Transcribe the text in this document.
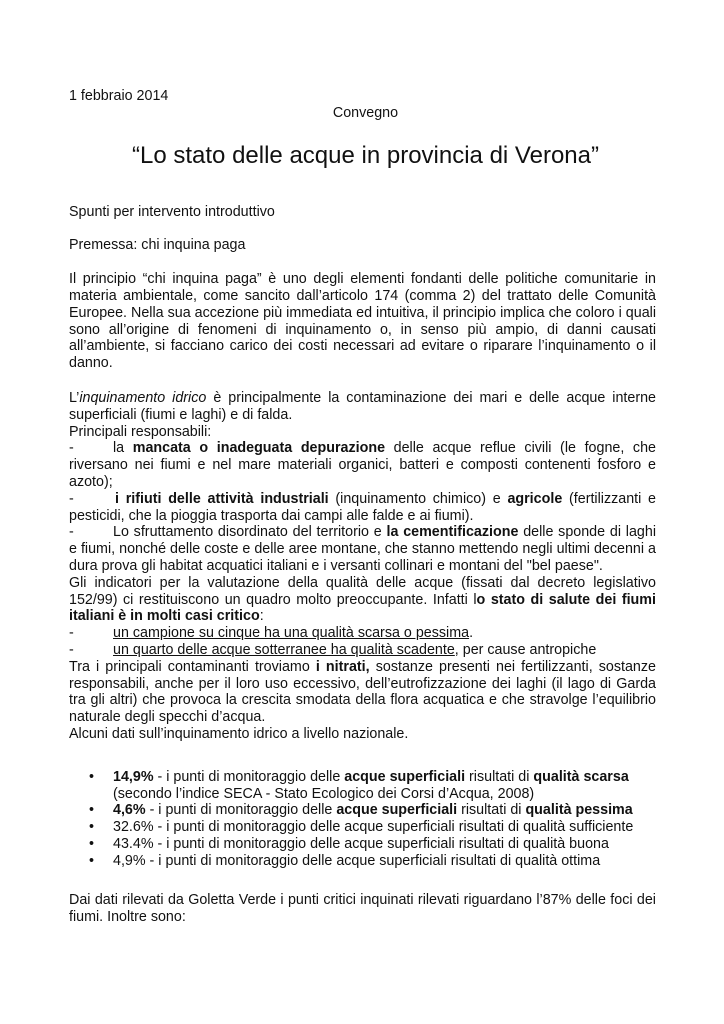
1 febbraio 2014

Convegno

“Lo stato delle acque in provincia di Verona”

Spunti per intervento introduttivo

Premessa: chi inquina paga

Il principio “chi inquina paga” è uno degli elementi fondanti delle politiche comunitarie in materia ambientale, come sancito dall’articolo 174 (comma 2) del trattato delle Comunità Europee. Nella sua accezione più immediata ed intuitiva, il principio implica che coloro i quali sono all’origine di fenomeni di inquinamento o, in senso più ampio, di danni causati all’ambiente, si facciano carico dei costi necessari ad evitare o riparare l’inquinamento o il danno.

L’inquinamento idrico è principalmente la contaminazione dei mari e delle acque interne superficiali (fiumi e laghi) e di falda.

Principali responsabili:

-	la mancata o inadeguata depurazione delle acque reflue civili (le fogne, che riversano nei fiumi e nel mare materiali organici, batteri e composti contenenti fosforo e azoto);

-	i rifiuti delle attività industriali (inquinamento chimico) e agricole (fertilizzanti e pesticidi, che la pioggia trasporta dai campi alle falde e ai fiumi).

-	Lo sfruttamento disordinato del territorio e la cementificazione delle sponde di laghi e fiumi, nonché delle coste e delle aree montane, che stanno mettendo negli ultimi decenni a dura prova gli habitat acquatici italiani e i versanti collinari e montani del "bel paese".

Gli indicatori per la valutazione della qualità delle acque (fissati dal decreto legislativo 152/99) ci restituiscono un quadro molto preoccupante. Infatti lo stato di salute dei fiumi italiani è in molti casi critico:

-	un campione su cinque ha una qualità scarsa o pessima.

-	un quarto delle acque sotterranee ha qualità scadente, per cause antropiche

Tra i principali contaminanti troviamo i nitrati, sostanze presenti nei fertilizzanti, sostanze responsabili, anche per il loro uso eccessivo, dell’eutrofizzazione dei laghi (il lago di Garda tra gli altri) che provoca la crescita smodata della flora acquatica e che stravolge l’equilibrio naturale degli specchi d’acqua.

Alcuni dati sull’inquinamento idrico a livello nazionale.

• 14,9% - i punti di monitoraggio delle acque superficiali risultati di qualità scarsa
(secondo l’indice SECA - Stato Ecologico dei Corsi d’Acqua, 2008)
• 4,6% - i punti di monitoraggio delle acque superficiali risultati di qualità pessima
• 32.6% - i punti di monitoraggio delle acque superficiali risultati di qualità sufficiente
• 43.4% - i punti di monitoraggio delle acque superficiali risultati di qualità buona
• 4,9% - i punti di monitoraggio delle acque superficiali risultati di qualità ottima

Dai dati rilevati da Goletta Verde i punti critici inquinati rilevati riguardano l’87% delle foci dei fiumi. Inoltre sono:
